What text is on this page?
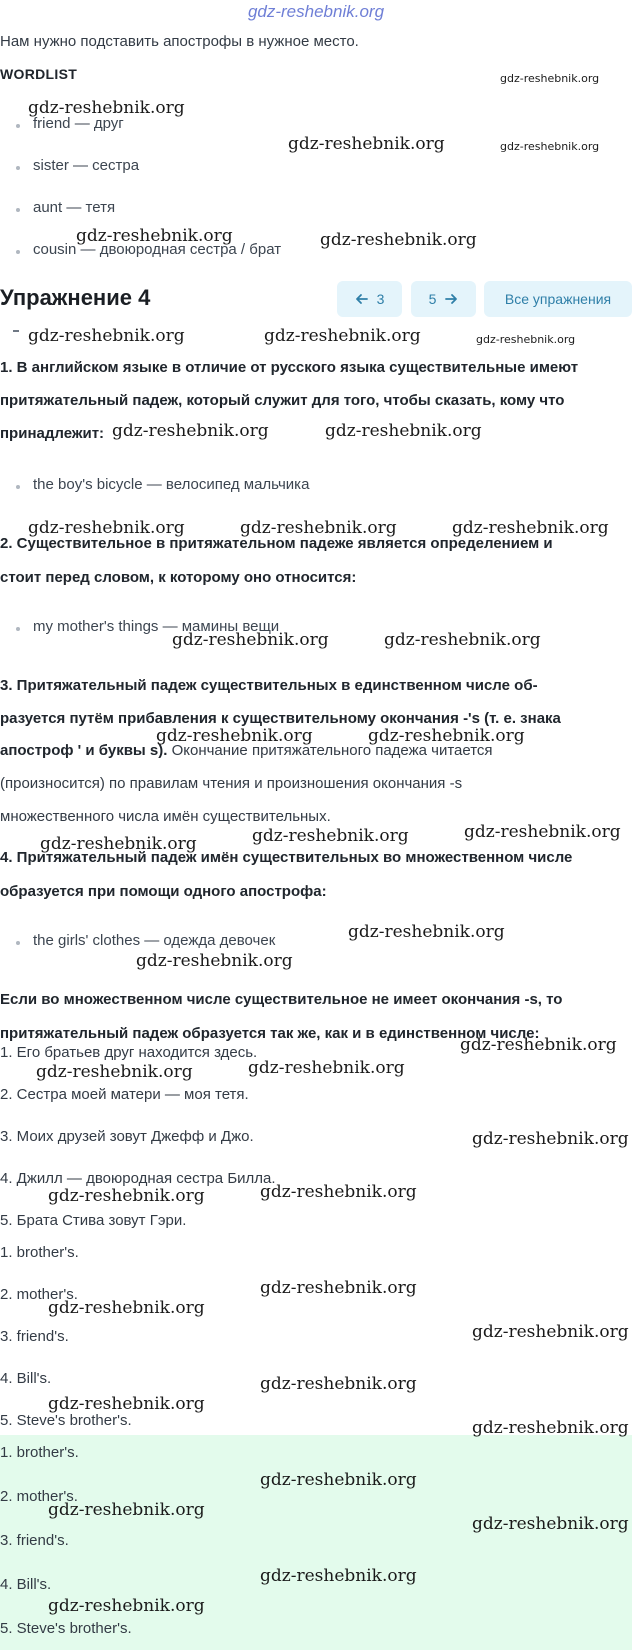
gdz-reshebnik.org
Нам нужно подставить апострофы в нужное место.
WORDLIST
friend — друг
sister — сестра
aunt — тетя
cousin — двоюродная сестра / брат
Упражнение 4	3	5	Все упражнения
1. В английском языке в отличие от русского языка существительные имеют
притяжательный падеж, который служит для того, чтобы сказать, кому что
принадлежит:
the boy's bicycle — велосипед мальчика
2. Существительное в притяжательном падеже является определением и
стоит перед словом, к которому оно относится:
my mother's things — мамины вещи
3. Притяжательный падеж существительных в единственном числе об-
разуется путём прибавления к существительному окончания -'s (т. е. знака
апостроф ' и буквы s). Окончание притяжательного падежа читается
(произносится) по правилам чтения и произношения окончания -s
множественного числа имён существительных.
4. Притяжательный падеж имён существительных во множественном числе
образуется при помощи одного апострофа:
the girls' clothes — одежда девочек
Если во множественном числе существительное не имеет окончания -s, то
притяжательный падеж образуется так же, как и в единственном числе:
1. Его братьев друг находится здесь.
2. Сестра моей матери — моя тетя.
3. Моих друзей зовут Джефф и Джо.
4. Джилл — двоюродная сестра Билла.
5. Брата Стива зовут Гэри.
1. brother's.
2. mother's.
3. friend's.
4. Bill's.
5. Steve's brother's.
1. brother's.
2. mother's.
3. friend's.
4. Bill's.
5. Steve's brother's.
gdz-reshebnik.org
gdz-reshebnik.org
gdz-reshebnik.org	gdz-reshebnik.org
gdz-reshebnik.org	gdz-reshebnik.org
gdz-reshebnik.org	gdz-reshebnik.org	gdz-reshebnik.org
gdz-reshebnik.org	gdz-reshebnik.org
gdz-reshebnik.org	gdz-reshebnik.org	gdz-reshebnik.org
gdz-reshebnik.org	gdz-reshebnik.org
gdz-reshebnik.org	gdz-reshebnik.org
gdz-reshebnik.org	gdz-reshebnik.org
gdz-reshebnik.org
gdz-reshebnik.org
gdz-reshebnik.org
gdz-reshebnik.org
gdz-reshebnik.org
gdz-reshebnik.org
gdz-reshebnik.org
gdz-reshebnik.org
gdz-reshebnik.org
gdz-reshebnik.org
gdz-reshebnik.org
gdz-reshebnik.org
gdz-reshebnik.org
gdz-reshebnik.org
gdz-reshebnik.org
gdz-reshebnik.org
gdz-reshebnik.org
gdz-reshebnik.org
gdz-reshebnik.org
gdz-reshebnik.org
